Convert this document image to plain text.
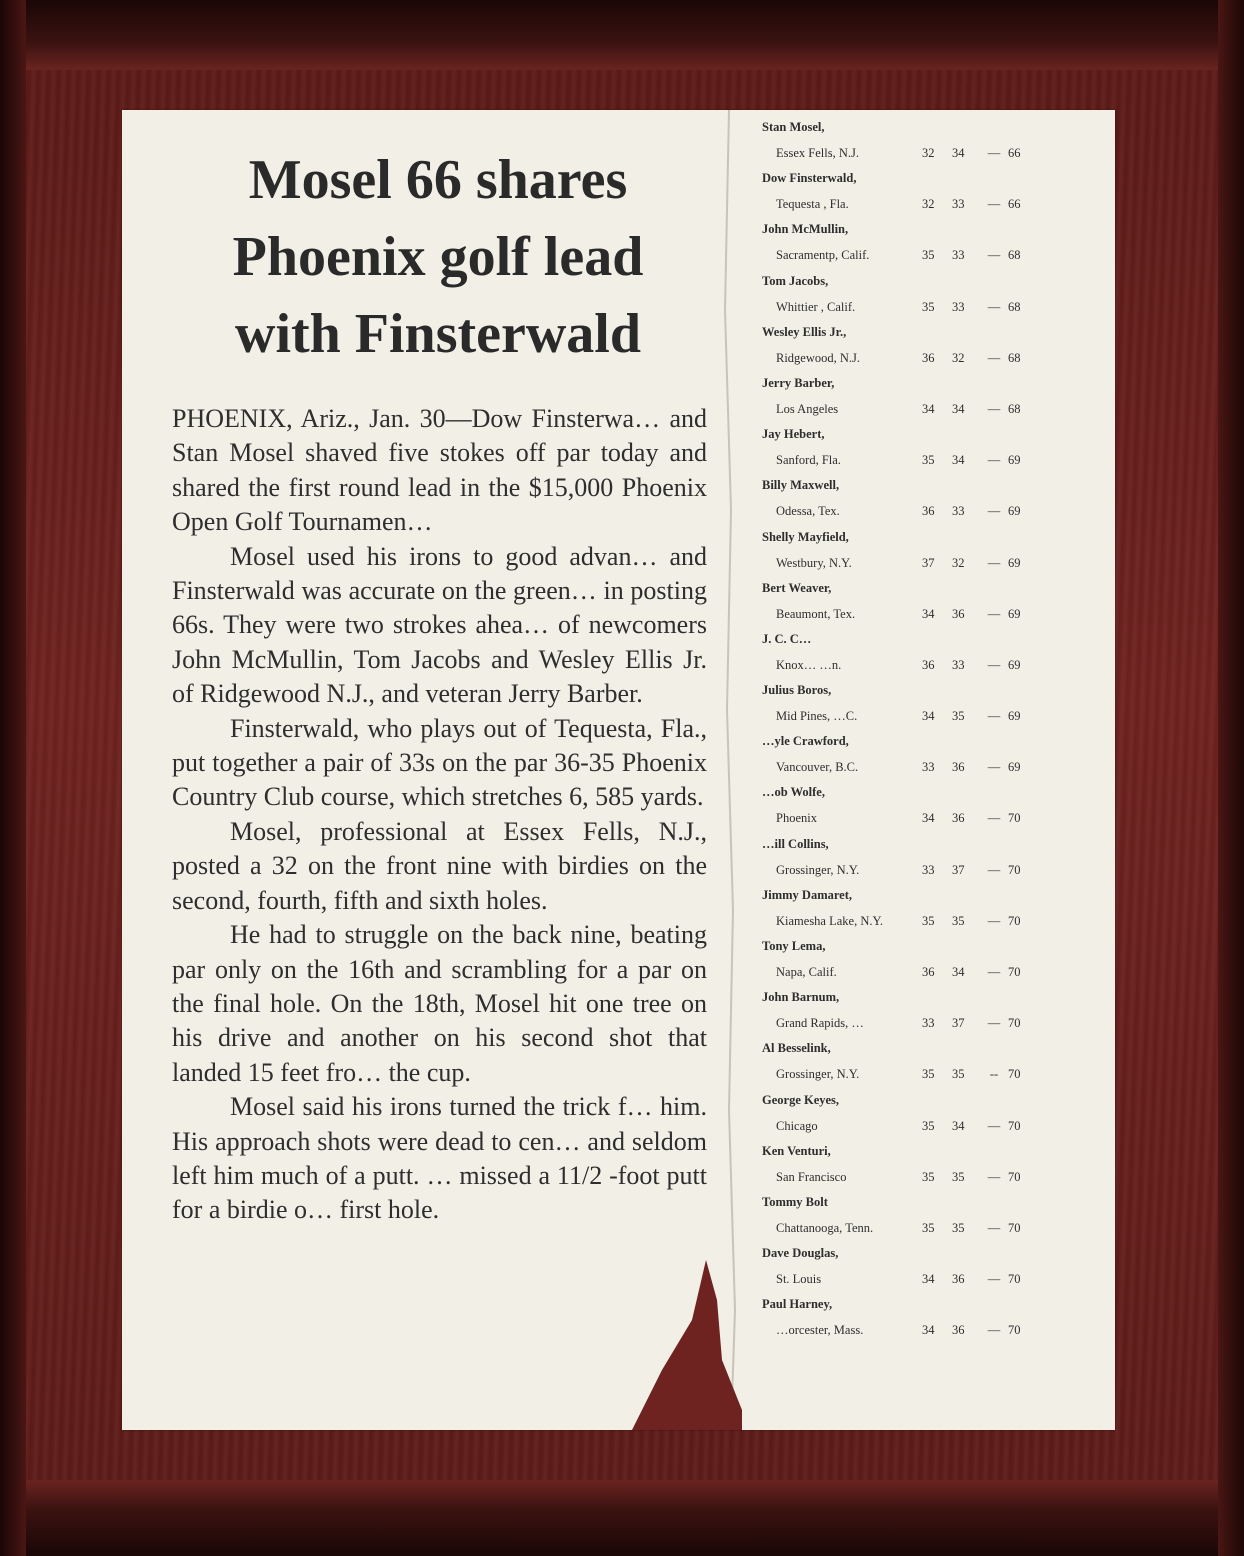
Mosel 66 shares
Phoenix golf lead
with Finsterwald

PHOENIX, Ariz., Jan. 30—Dow Finsterwa… and Stan Mosel shaved five stokes off par today and shared the first round lead in the $15,000 Phoenix Open Golf Tournamen…

Mosel used his irons to good advan… and Finsterwald was accurate on the green… in posting 66s. They were two strokes ahea… of newcomers John McMullin, Tom Jacobs and Wesley Ellis Jr. of Ridgewood N.J., and veteran Jerry Barber.

Finsterwald, who plays out of Tequesta, Fla., put together a pair of 33s on the par 36-35 Phoenix Country Club course, which stretches 6, 585 yards.

Mosel, professional at Essex Fells, N.J., posted a 32 on the front nine with birdies on the second, fourth, fifth and sixth holes.

He had to struggle on the back nine, beating par only on the 16th and scrambling for a par on the final hole. On the 18th, Mosel hit one tree on his drive and another on his second shot that landed 15 feet fro… the cup.

Mosel said his irons turned the trick f… him. His approach shots were dead to cen… and seldom left him much of a putt. … missed a 11/2 -foot putt for a birdie o… first hole.

Stan Mosel,
Essex Fells, N.J.	32 34 — 66
Dow Finsterwald,
Tequesta , Fla.	32 33 — 66
John McMullin,
Sacramentp, Calif.	35 33 — 68
Tom Jacobs,
Whittier , Calif.	35 33 — 68
Wesley Ellis Jr.,
Ridgewood, N.J.	36 32 — 68
Jerry Barber,
Los Angeles	34 34 — 68
Jay Hebert,
Sanford, Fla.	35 34 — 69
Billy Maxwell,
Odessa, Tex.	36 33 — 69
Shelly Mayfield,
Westbury, N.Y.	37 32 — 69
Bert Weaver,
Beaumont, Tex.	34 36 — 69
J. C. C…
Knox… …n.	36 33 — 69
Julius Boros,
Mid Pines, …C.	34 35 — 69
…yle Crawford,
Vancouver, B.C.	33 36 — 69
…ob Wolfe,
Phoenix	34 36 — 70
…ill Collins,
Grossinger, N.Y.	33 37 — 70
Jimmy Damaret,
Kiamesha Lake, N.Y.	35 35 — 70
Tony Lema,
Napa, Calif.	36 34 — 70
John Barnum,
Grand Rapids, …	33 37 — 70
Al Besselink,
Grossinger, N.Y.	35 35 -- 70
George Keyes,
Chicago	35 34 — 70
Ken Venturi,
San Francisco	35 35 — 70
Tommy Bolt
Chattanooga, Tenn.	35 35 — 70
Dave Douglas,
St. Louis	34 36 — 70
Paul Harney,
…orcester, Mass.	34 36 — 70
